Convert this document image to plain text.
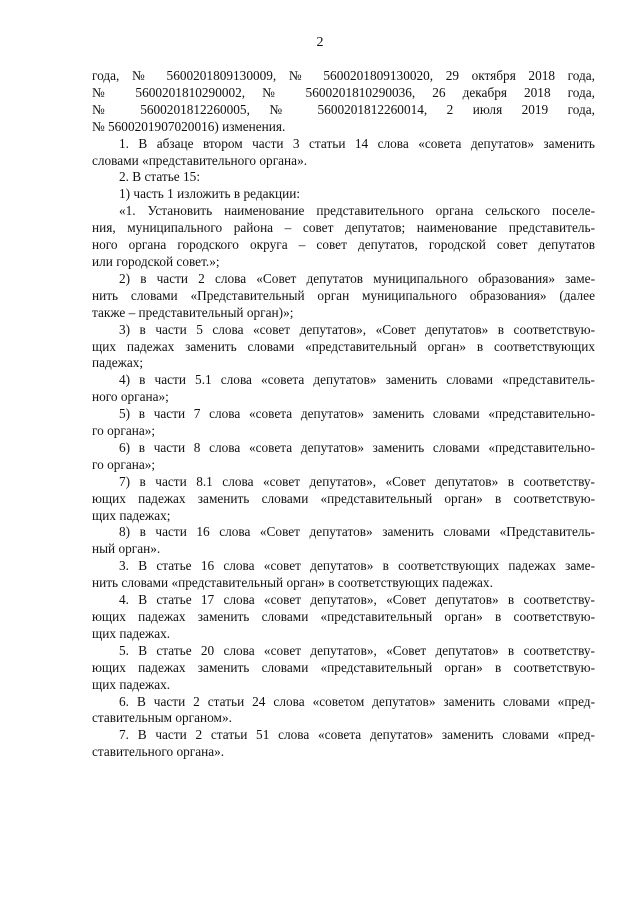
2
года, № 5600201809130009, № 5600201809130020, 29 октября 2018 года,
№ 5600201810290002, № 5600201810290036, 26 декабря 2018 года,
№ 5600201812260005, № 5600201812260014, 2 июля 2019 года,
№ 5600201907020016) изменения.
1. В абзаце втором части 3 статьи 14 слова «совета депутатов» заменить
словами «представительного органа».
2. В статье 15:
1) часть 1 изложить в редакции:
«1. Установить наименование представительного органа сельского поселе-
ния, муниципального района – совет депутатов; наименование представитель-
ного органа городского округа – совет депутатов, городской совет депутатов
или городской совет.»;
2) в части 2 слова «Совет депутатов муниципального образования» заме-
нить словами «Представительный орган муниципального образования» (далее
также – представительный орган)»;
3) в части 5 слова «совет депутатов», «Совет депутатов» в соответствую-
щих падежах заменить словами «представительный орган» в соответствующих
падежах;
4) в части 5.1 слова «совета депутатов» заменить словами «представитель-
ного органа»;
5) в части 7 слова «совета депутатов» заменить словами «представительно-
го органа»;
6) в части 8 слова «совета депутатов» заменить словами «представительно-
го органа»;
7) в части 8.1 слова «совет депутатов», «Совет депутатов» в соответству-
ющих падежах заменить словами «представительный орган» в соответствую-
щих падежах;
8) в части 16 слова «Совет депутатов» заменить словами «Представитель-
ный орган».
3. В статье 16 слова «совет депутатов» в соответствующих падежах заме-
нить словами «представительный орган» в соответствующих падежах.
4. В статье 17 слова «совет депутатов», «Совет депутатов» в соответству-
ющих падежах заменить словами «представительный орган» в соответствую-
щих падежах.
5. В статье 20 слова «совет депутатов», «Совет депутатов» в соответству-
ющих падежах заменить словами «представительный орган» в соответствую-
щих падежах.
6. В части 2 статьи 24 слова «советом депутатов» заменить словами «пред-
ставительным органом».
7. В части 2 статьи 51 слова «совета депутатов» заменить словами «пред-
ставительного органа».
